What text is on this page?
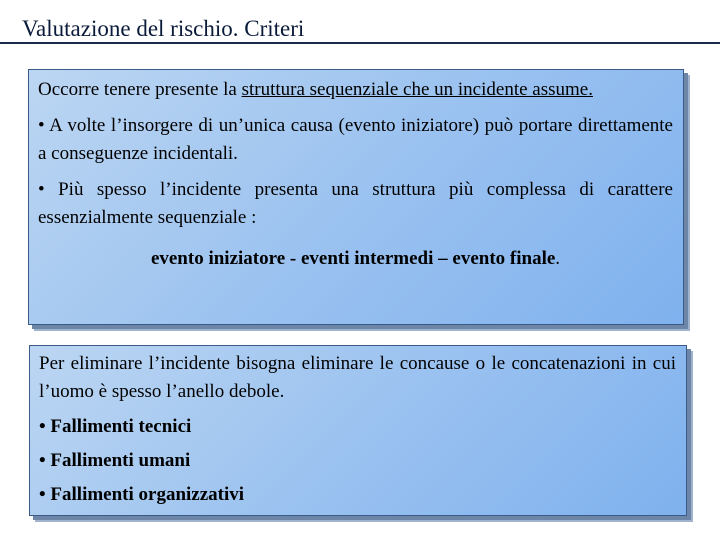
Valutazione del rischio. Criteri

Occorre tenere presente la struttura sequenziale che un incidente assume.

• A volte l’insorgere di un’unica causa (evento iniziatore) può portare direttamente a conseguenze incidentali.

• Più spesso l’incidente presenta una struttura più complessa di carattere essenzialmente sequenziale :

evento iniziatore - eventi intermedi – evento finale.

Per eliminare l’incidente bisogna eliminare le concause o le concatenazioni in cui l’uomo è spesso l’anello debole.

• Fallimenti tecnici
• Fallimenti umani
• Fallimenti organizzativi
